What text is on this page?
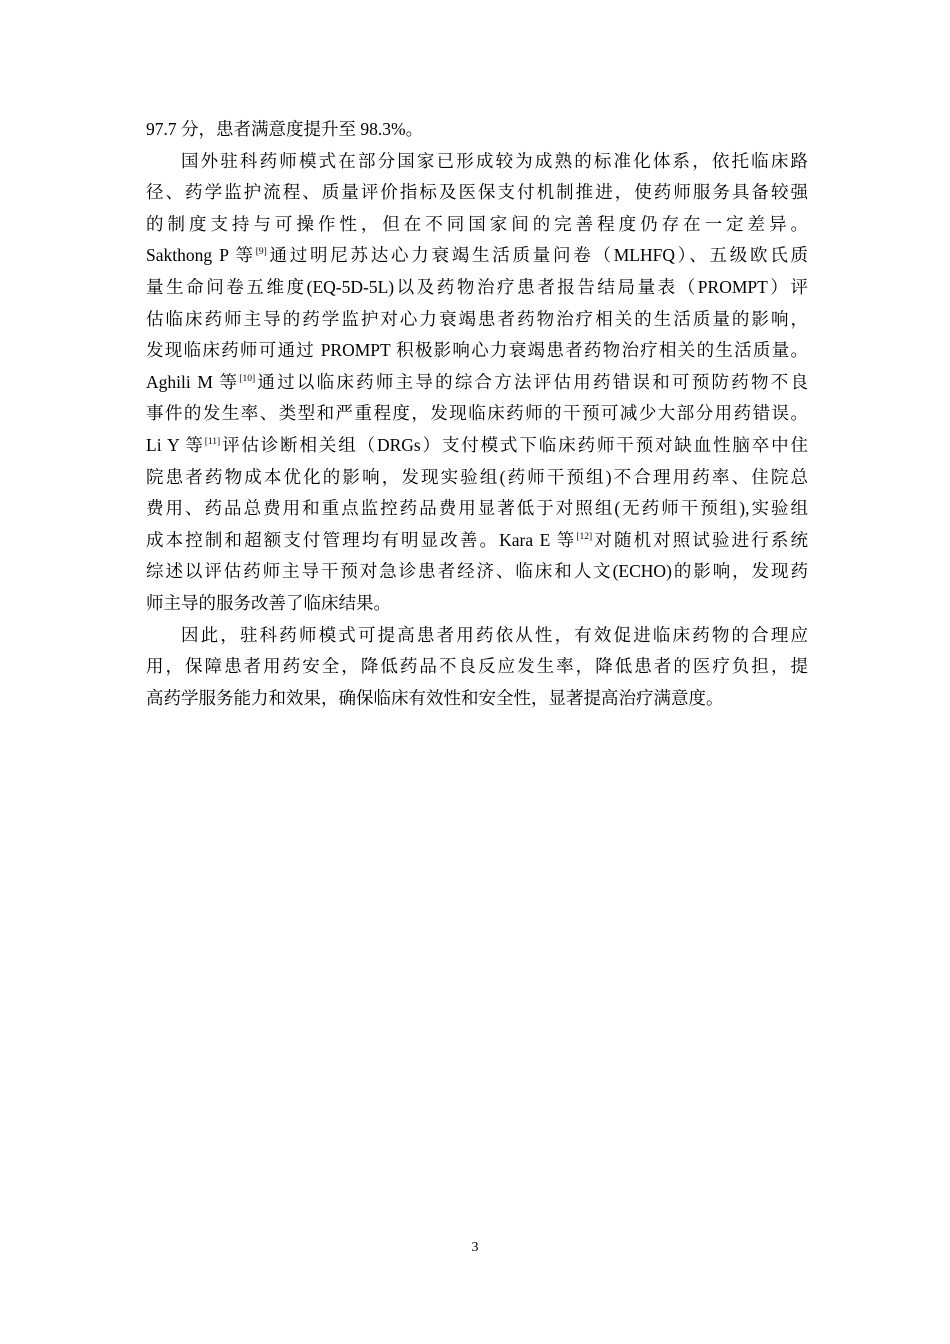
97.7 分，患者满意度提升至 98.3%。
国外驻科药师模式在部分国家已形成较为成熟的标准化体系，依托临床路
径、药学监护流程、质量评价指标及医保支付机制推进，使药师服务具备较强
的制度支持与可操作性，但在不同国家间的完善程度仍存在一定差异。
Sakthong P 等[9]通过明尼苏达心力衰竭生活质量问卷（MLHFQ）、五级欧氏质
量生命问卷五维度(EQ-5D-5L)以及药物治疗患者报告结局量表（PROMPT）评
估临床药师主导的药学监护对心力衰竭患者药物治疗相关的生活质量的影响，
发现临床药师可通过 PROMPT 积极影响心力衰竭患者药物治疗相关的生活质量。
Aghili M 等[10]通过以临床药师主导的综合方法评估用药错误和可预防药物不良
事件的发生率、类型和严重程度，发现临床药师的干预可减少大部分用药错误。
Li Y 等[11]评估诊断相关组（DRGs）支付模式下临床药师干预对缺血性脑卒中住
院患者药物成本优化的影响，发现实验组(药师干预组)不合理用药率、住院总
费用、药品总费用和重点监控药品费用显著低于对照组(无药师干预组),实验组
成本控制和超额支付管理均有明显改善。Kara E 等[12]对随机对照试验进行系统
综述以评估药师主导干预对急诊患者经济、临床和人文(ECHO)的影响，发现药
师主导的服务改善了临床结果。
因此，驻科药师模式可提高患者用药依从性，有效促进临床药物的合理应
用，保障患者用药安全，降低药品不良反应发生率，降低患者的医疗负担，提
高药学服务能力和效果，确保临床有效性和安全性，显著提高治疗满意度。
3
